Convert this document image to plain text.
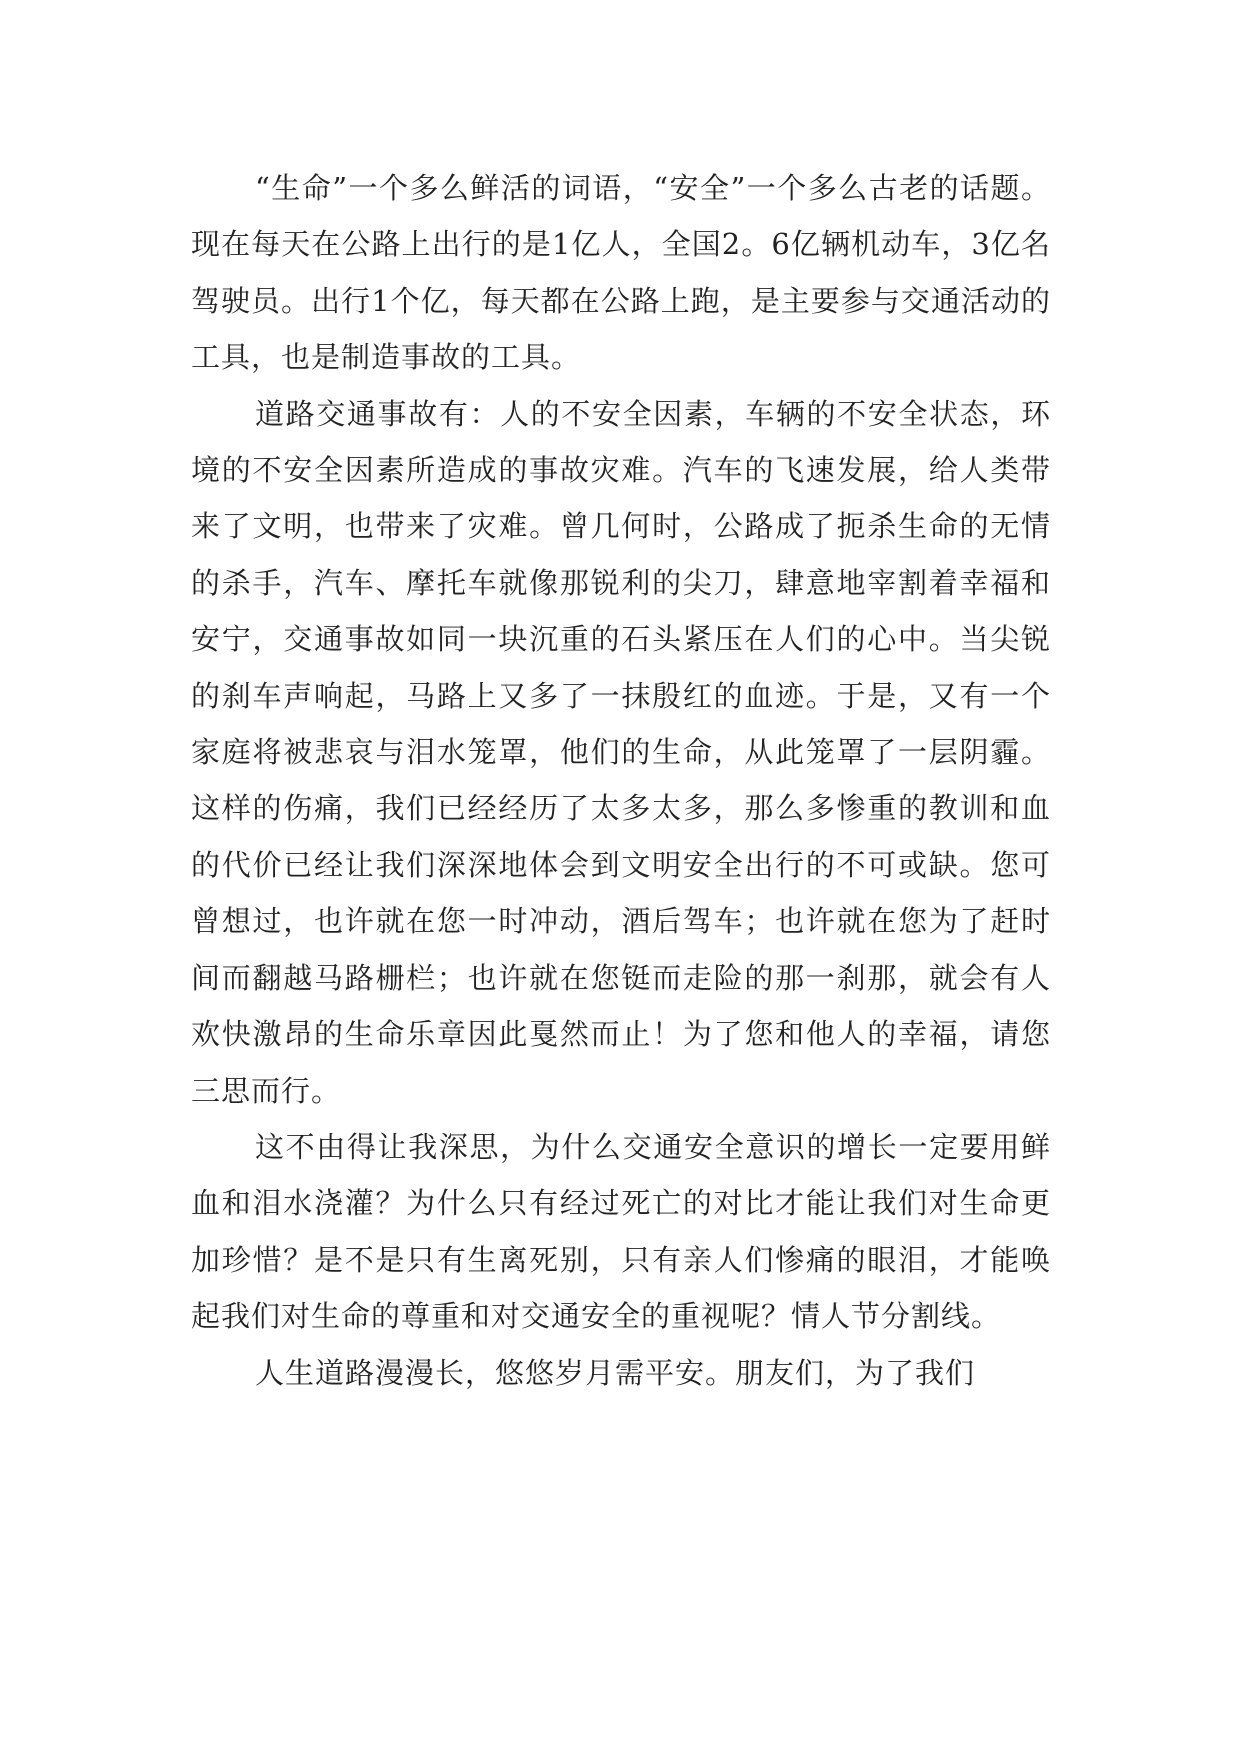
“生命”一个多么鲜活的词语，“安全”一个多么古老的话题。现在每天在公路上出行的是1亿人，全国2。6亿辆机动车，3亿名驾驶员。出行1个亿，每天都在公路上跑，是主要参与交通活动的工具，也是制造事故的工具。

道路交通事故有：人的不安全因素，车辆的不安全状态，环境的不安全因素所造成的事故灾难。汽车的飞速发展，给人类带来了文明，也带来了灾难。曾几何时，公路成了扼杀生命的无情的杀手，汽车、摩托车就像那锐利的尖刀，肆意地宰割着幸福和安宁，交通事故如同一块沉重的石头紧压在人们的心中。当尖锐的刹车声响起，马路上又多了一抹殷红的血迹。于是，又有一个家庭将被悲哀与泪水笼罩，他们的生命，从此笼罩了一层阴霾。这样的伤痛，我们已经经历了太多太多，那么多惨重的教训和血的代价已经让我们深深地体会到文明安全出行的不可或缺。您可曾想过，也许就在您一时冲动，酒后驾车；也许就在您为了赶时间而翻越马路栅栏；也许就在您铤而走险的那一刹那，就会有人欢快激昂的生命乐章因此戛然而止！为了您和他人的幸福，请您三思而行。

这不由得让我深思，为什么交通安全意识的增长一定要用鲜血和泪水浇灌？为什么只有经过死亡的对比才能让我们对生命更加珍惜？是不是只有生离死别，只有亲人们惨痛的眼泪，才能唤起我们对生命的尊重和对交通安全的重视呢？情人节分割线。

人生道路漫漫长，悠悠岁月需平安。朋友们，为了我们
